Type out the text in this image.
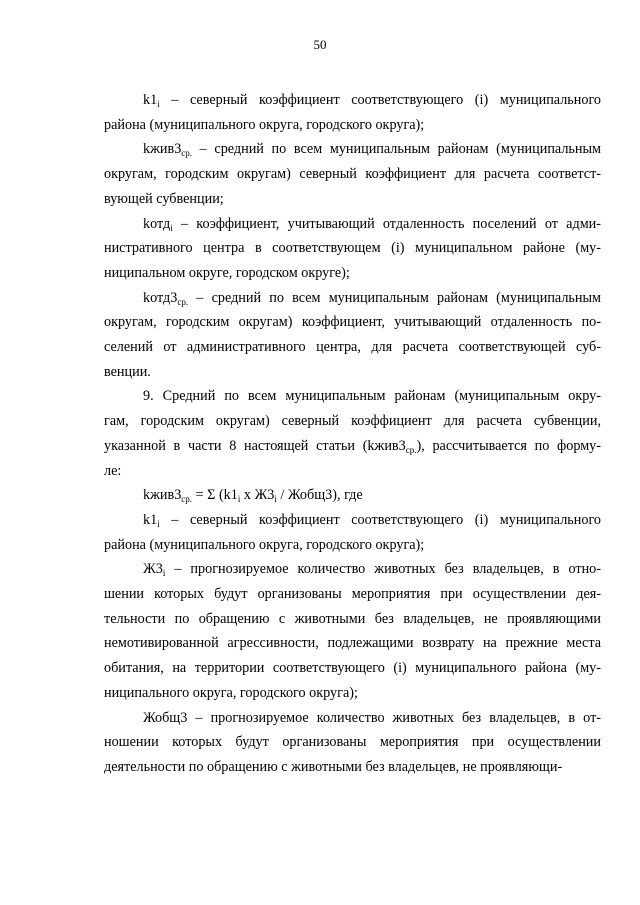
50

$k1_i$ – северный коэффициент соответствующего (i) муниципального

района (муниципального округа, городского округа);

$kжив3_{ср.}$ – средний по всем муниципальным районам (муниципальным

округам, городским округам) северный коэффициент для расчета соответст-

вующей субвенции;

kотд$_i$ – коэффициент, учитывающий отдаленность поселений от адми-

нистративного центра в соответствующем (i) муниципальном районе (му-

ниципальном округе, городском округе);

$kотд3_{ср.}$ – средний по всем муниципальным районам (муниципальным

округам, городским округам) коэффициент, учитывающий отдаленность по-

селений от административного центра, для расчета соответствующей суб-

венции.

9. Средний по всем муниципальным районам (муниципальным окру-

гам, городским округам) северный коэффициент для расчета субвенции,

указанной в части 8 настоящей статьи $(kжив3_{ср.})$, рассчитывается по форму-

ле:

$kжив3_{ср.} = \Sigma$ ($k1_i$ х $Ж3_i$ / Жобщ3), где

$k1_i$ – северный коэффициент соответствующего (i) муниципального

района (муниципального округа, городского округа);

$Ж3_i$ – прогнозируемое количество животных без владельцев, в отно-

шении которых будут организованы мероприятия при осуществлении дея-

тельности по обращению с животными без владельцев, не проявляющими

немотивированной агрессивности, подлежащими возврату на прежние места

обитания, на территории соответствующего (i) муниципального района (му-

ниципального округа, городского округа);

Жобщ3 – прогнозируемое количество животных без владельцев, в от-

ношении которых будут организованы мероприятия при осуществлении

деятельности по обращению с животными без владельцев, не проявляющи-
